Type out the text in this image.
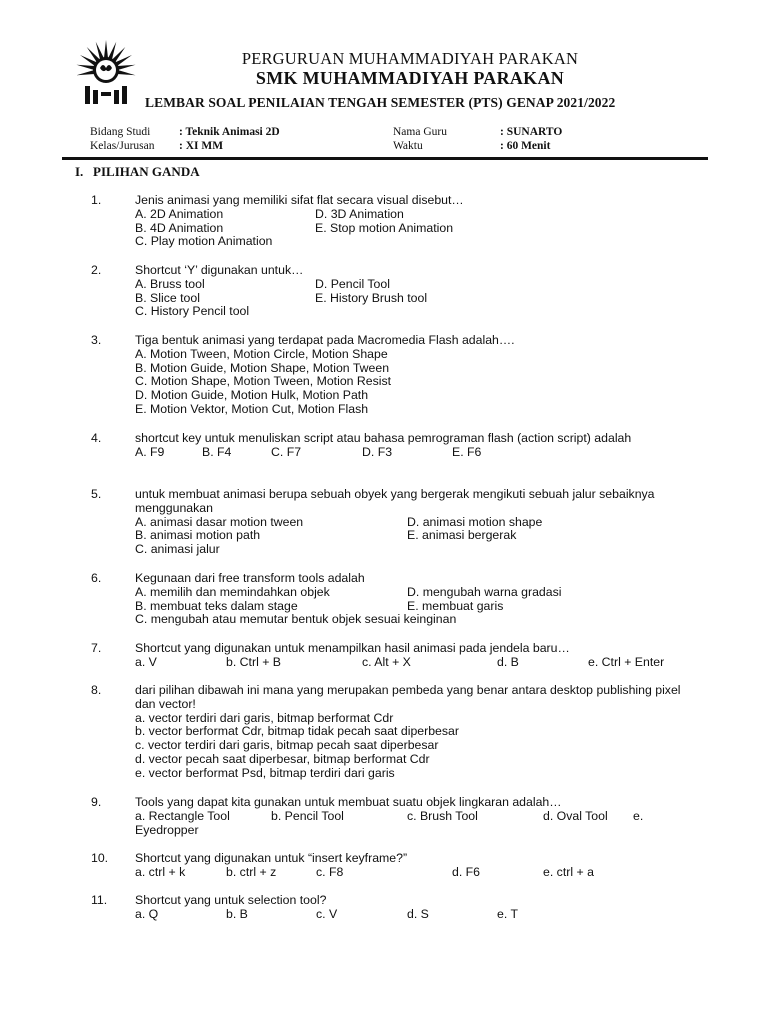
PERGURUAN MUHAMMADIYAH PARAKAN
SMK MUHAMMADIYAH PARAKAN
LEMBAR SOAL PENILAIAN TENGAH SEMESTER (PTS) GENAP 2021/2022
Bidang Studi : Teknik Animasi 2D
Kelas/Jurusan : XI MM
Nama Guru	: SUNARTO
Waktu	: 60 Menit
I.   PILIHAN GANDA
1.	Jenis animasi yang memiliki sifat flat secara visual disebut…
A. 2D Animation	D. 3D Animation
B. 4D Animation	E. Stop motion Animation
C. Play motion Animation
2.	Shortcut ‘Y’ digunakan untuk…
A. Bruss tool	D. Pencil Tool
B. Slice tool	E. History Brush tool
C. History Pencil tool
3.	Tiga bentuk animasi yang terdapat pada Macromedia Flash adalah….
A. Motion Tween, Motion Circle, Motion Shape
B. Motion Guide, Motion Shape, Motion Tween
C. Motion Shape, Motion Tween, Motion Resist
D. Motion Guide, Motion Hulk, Motion Path
E. Motion Vektor, Motion Cut, Motion Flash
4.	shortcut key untuk menuliskan script atau bahasa pemrograman flash (action script) adalah
A. F9	B. F4	C. F7	D. F3	E. F6
5.	untuk membuat animasi berupa sebuah obyek yang bergerak mengikuti sebuah jalur sebaiknya menggunakan
A. animasi dasar motion tween	D. animasi motion shape
B. animasi motion path	E. animasi bergerak
C. animasi jalur
6.	Kegunaan dari free transform tools adalah
A. memilih dan memindahkan objek	D. mengubah warna gradasi
B. membuat teks dalam stage	E. membuat garis
C. mengubah atau memutar bentuk objek sesuai keinginan
7.	Shortcut yang digunakan untuk menampilkan hasil animasi pada jendela baru…
a. V	b. Ctrl + B	c. Alt + X	d. B	e. Ctrl + Enter
8.	dari pilihan dibawah ini mana yang merupakan pembeda yang benar antara desktop publishing pixel dan vector!
a. vector terdiri dari garis, bitmap berformat Cdr
b. vector berformat Cdr, bitmap tidak pecah saat diperbesar
c. vector terdiri dari garis, bitmap pecah saat diperbesar
d. vector pecah saat diperbesar, bitmap berformat Cdr
e. vector berformat Psd, bitmap terdiri dari garis
9.	Tools yang dapat kita gunakan untuk membuat suatu objek lingkaran adalah…
a. Rectangle Tool	b. Pencil Tool	c. Brush Tool	d. Oval Tool e.
Eyedropper
10. Shortcut yang digunakan untuk “insert keyframe?”
a. ctrl + k	b. ctrl + z	c. F8	d. F6	e. ctrl + a
11. Shortcut yang untuk selection tool?
a. Q	b. B	c. V	d. S	e. T
